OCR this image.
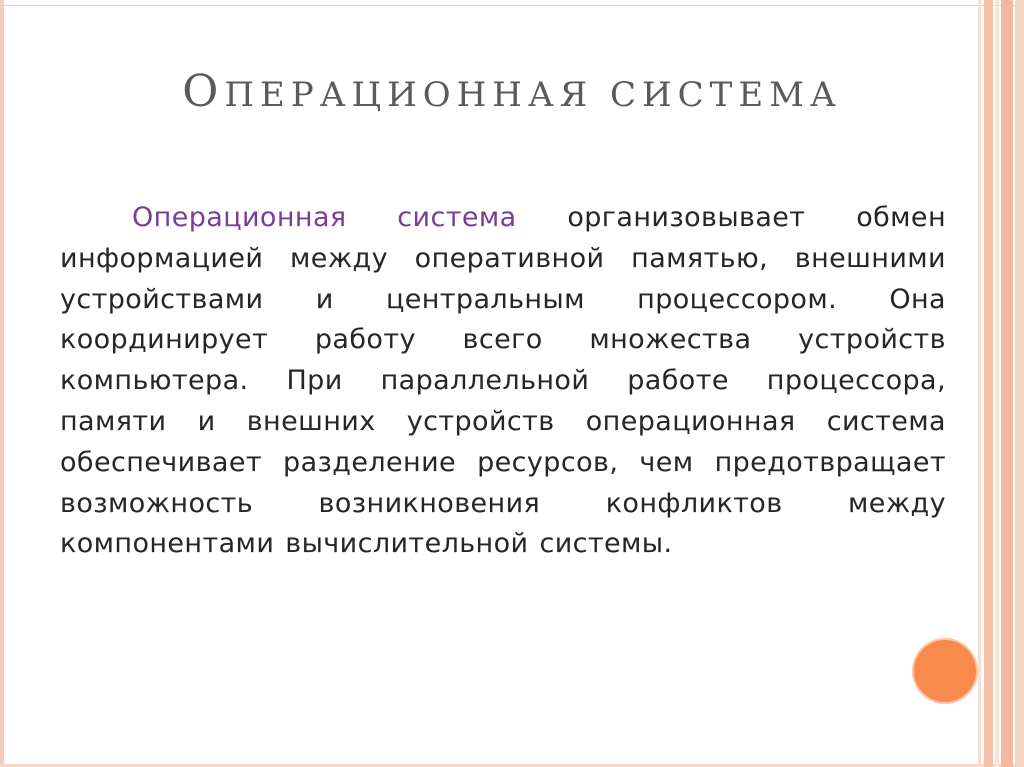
ОПЕРАЦИОННАЯ СИСТЕМА

Операционная система организовывает обмен информацией между оперативной памятью, внешними устройствами и центральным процессором. Она координирует работу всего множества устройств компьютера. При параллельной работе процессора, памяти и внешних устройств операционная система обеспечивает разделение ресурсов, чем предотвращает возможность возникновения конфликтов между компонентами вычислительной системы.
